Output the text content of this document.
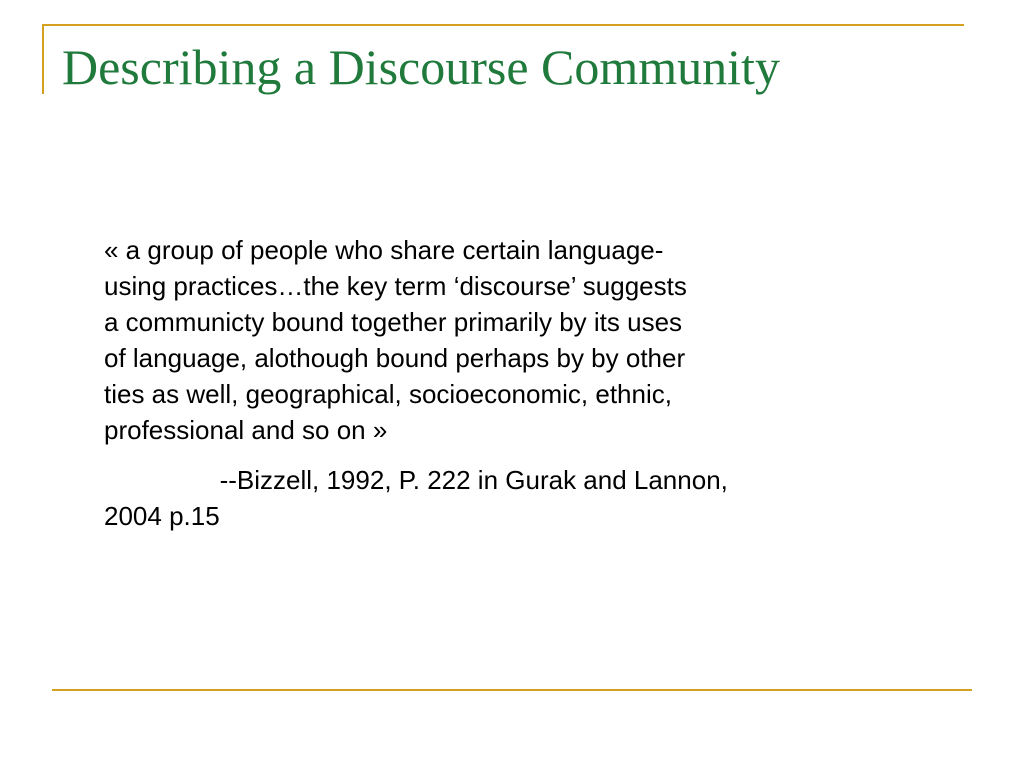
Describing a Discourse Community

« a group of people who share certain language-
using practices…the key term ‘discourse’ suggests
a communicty bound together primarily by its uses
of language, alothough bound perhaps by by other
ties as well, geographical, socioeconomic, ethnic,
professional and so on »

		--Bizzell, 1992, P. 222 in Gurak and Lannon,
2004 p.15
